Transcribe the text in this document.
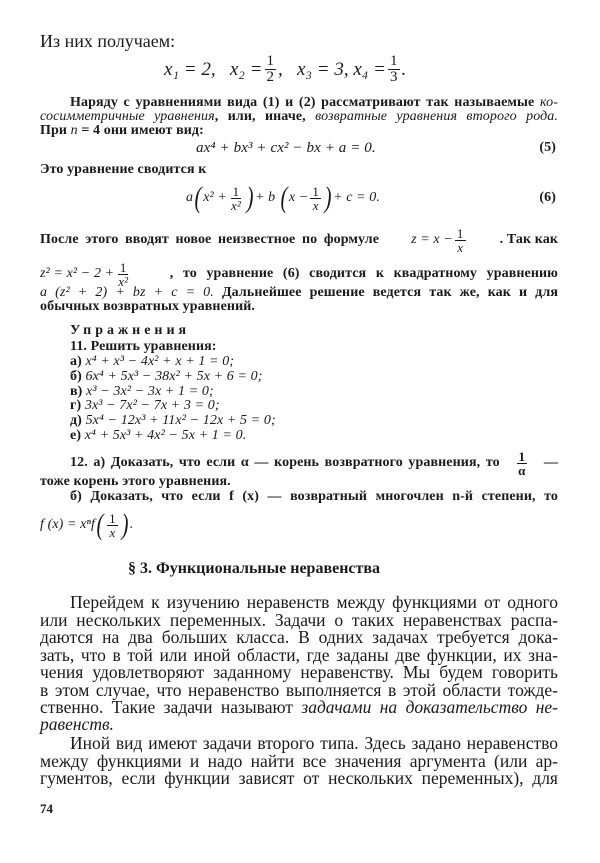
Из них получаем:
x₁ = 2,
$x_2 = \frac{1}{2}$ ,
x₃ = 3,
$x_4 = \frac{1}{3}$ .
Наряду с уравнениями вида (1) и (2) рассматривают так называемые ко-
сосимметричные уравнения, или, иначе, возвратные уравнения второго рода.
При n = 4 они имеют вид:
ax⁴ + bx³ + cx² − bx + a = 0.	(5)
Это уравнение сводится к
a ( $x^2 + \frac{1}{\text{x²}}$ ) + b
( $x - \frac{1}{x}$ ) + c = 0.	(6)
После этого вводят новое неизвестное по формуле $z = x - \frac{1}{x}$ . Так как
$z^2 = x^2 - 2 + \frac{1}{\text{x²}}$	, то уравнение (6) сводится к квадратному уравнению
a (z² + 2) + bz + c = 0. Дальнейшее решение ведется так же, как и для
обычных возвратных уравнений.
Упражнения
11. Решить уравнения:
а) x⁴ + x³ − 4x² + x + 1 = 0;
б) 6x⁴ + 5x³ − 38x² + 5x + 6 = 0;
в) x³ − 3x² − 3x + 1 = 0;
г) 3x³ − 7x² − 7x + 3 = 0;
д) 5x⁴ − 12x³ + 11x² − 12x + 5 = 0;
е) x⁴ + 5x³ + 4x² − 5x + 1 = 0.
12. а) Доказать, что если α — корень возвратного уравнения, то 1
α —
тоже корень этого уравнения.
б) Доказать, что если f (x) — возвратный многочлен n-й степени, то
f (x) = xⁿf ( 1
x ) .
§ 3. Функциональные неравенства
Перейдем к изучению неравенств между функциями от одного
или нескольких переменных. Задачи о таких неравенствах распа-
даются на два больших класса. В одних задачах требуется дока-
зать, что в той или иной области, где заданы две функции, их зна-
чения удовлетворяют заданному неравенству. Мы будем говорить
в этом случае, что неравенство выполняется в этой области тожде-
ственно. Такие задачи называют задачами на доказательство не-
равенств.
Иной вид имеют задачи второго типа. Здесь задано неравенство
между функциями и надо найти все значения аргумента (или ар-
гументов, если функции зависят от нескольких переменных), для
74
